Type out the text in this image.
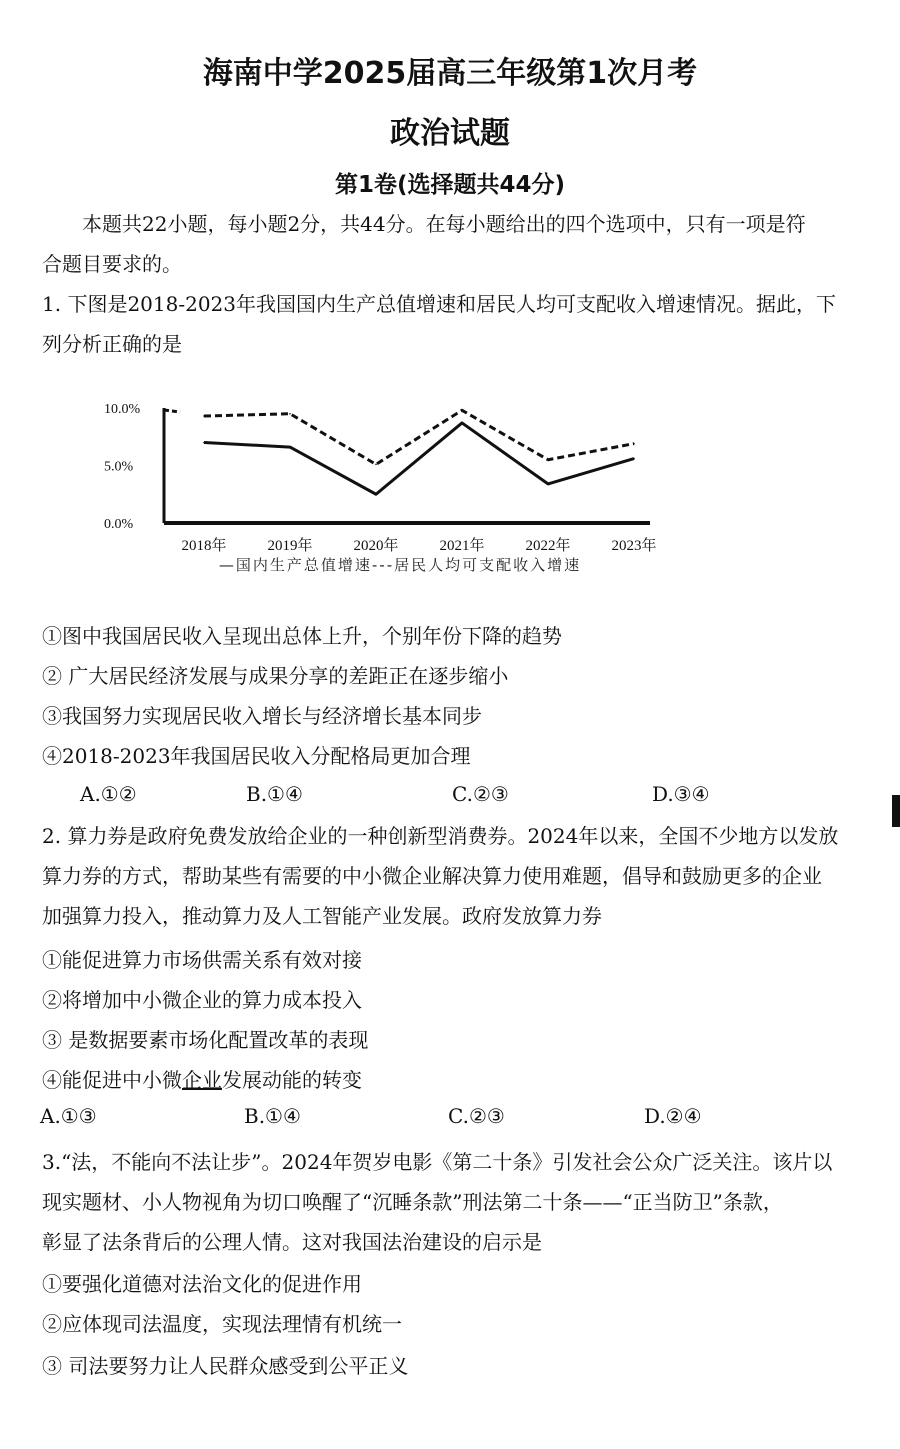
海南中学2025届高三年级第1次月考
政治试题
第1卷(选择题共44分)
本题共22小题，每小题2分，共44分。在每小题给出的四个选项中，只有一项是符
合题目要求的。
1. 下图是2018-2023年我国国内生产总值增速和居民人均可支配收入增速情况。据此，下
列分析正确的是
10.0%
5.0%
0.0%
2018年	2019年	2020年	2021年	2022年	2023年
—国内生产总值增速---居民人均可支配收入增速
①图中我国居民收入呈现出总体上升，个别年份下降的趋势
② 广大居民经济发展与成果分享的差距正在逐步缩小
③我国努力实现居民收入增长与经济增长基本同步
④2018-2023年我国居民收入分配格局更加合理
A.①②	B.①④	C.②③	D.③④
2. 算力券是政府免费发放给企业的一种创新型消费券。2024年以来，全国不少地方以发放
算力券的方式，帮助某些有需要的中小微企业解决算力使用难题，倡导和鼓励更多的企业
加强算力投入，推动算力及人工智能产业发展。政府发放算力券
①能促进算力市场供需关系有效对接
②将增加中小微企业的算力成本投入
③ 是数据要素市场化配置改革的表现
④能促进中小微企业发展动能的转变
A.①③	B.①④	C.②③	D.②④
3.“法，不能向不法让步”。2024年贺岁电影《第二十条》引发社会公众广泛关注。该片以
现实题材、小人物视角为切口唤醒了“沉睡条款”刑法第二十条——“正当防卫”条款，
彰显了法条背后的公理人情。这对我国法治建设的启示是
①要强化道德对法治文化的促进作用
②应体现司法温度，实现法理情有机统一
③ 司法要努力让人民群众感受到公平正义
